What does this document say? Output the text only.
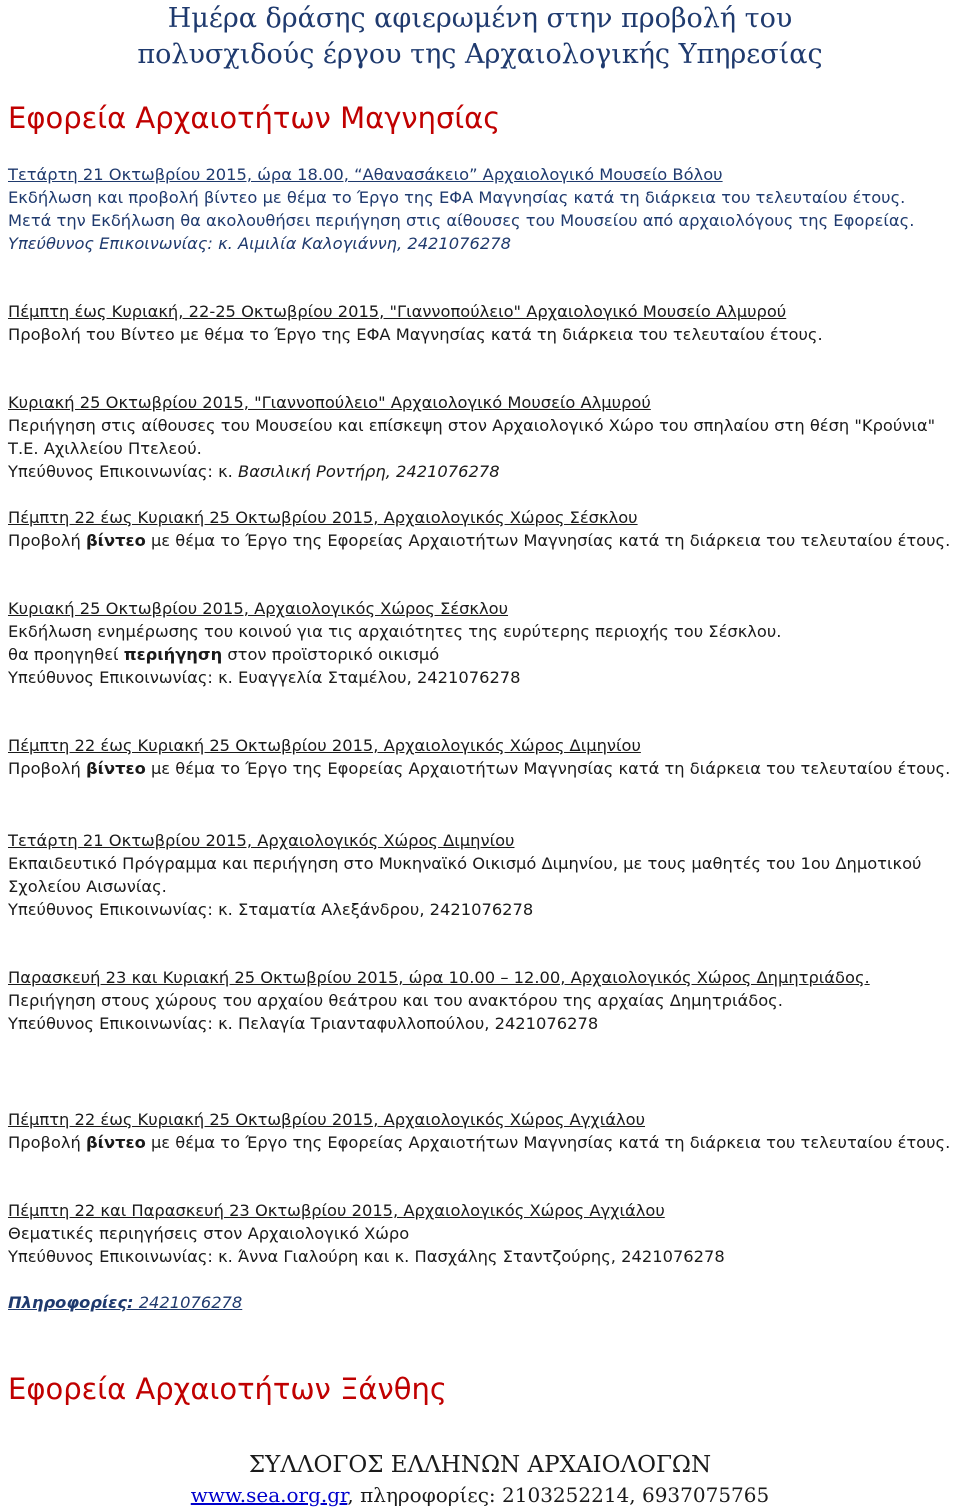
Ημέρα δράσης αφιερωμένη στην προβολή του
πολυσχιδούς έργου της Αρχαιολογικής Υπηρεσίας
Εφορεία Αρχαιοτήτων Μαγνησίας

Τετάρτη 21 Οκτωβρίου 2015, ώρα 18.00, “Αθανασάκειο” Αρχαιολογικό Μουσείο Βόλου

Εκδήλωση και προβολή βίντεο με θέμα το Έργο της ΕΦΑ Μαγνησίας κατά τη διάρκεια του τελευταίου έτους. Μετά την Εκδήλωση θα ακολουθήσει περιήγηση στις αίθουσες του Μουσείου από αρχαιολόγους της Εφορείας.

Υπεύθυνος Επικοινωνίας: κ. Αιμιλία Καλογιάννη, 2421076278

Πέμπτη έως Κυριακή, 22-25 Οκτωβρίου 2015, "Γιαννοπούλειο" Αρχαιολογικό Μουσείο Αλμυρού

Προβολή του Βίντεο με θέμα το Έργο της ΕΦΑ Μαγνησίας κατά τη διάρκεια του τελευταίου έτους.

Κυριακή 25 Οκτωβρίου 2015, "Γιαννοπούλειο" Αρχαιολογικό Μουσείο Αλμυρού

Περιήγηση στις αίθουσες του Μουσείου και επίσκεψη στον Αρχαιολογικό Χώρο του σπηλαίου στη θέση "Κρούνια" Τ.Ε. Αχιλλείου Πτελεού.

Υπεύθυνος Επικοινωνίας: κ. Βασιλική Ροντήρη, 2421076278

Πέμπτη 22 έως Κυριακή 25 Οκτωβρίου 2015, Αρχαιολογικός Χώρος Σέσκλου

Προβολή βίντεο με θέμα το Έργο της Εφορείας Αρχαιοτήτων Μαγνησίας κατά τη διάρκεια του τελευταίου έτους.

Κυριακή 25 Οκτωβρίου 2015, Αρχαιολογικός Χώρος Σέσκλου

Εκδήλωση ενημέρωσης του κοινού για τις αρχαιότητες της ευρύτερης περιοχής του Σέσκλου.

θα προηγηθεί περιήγηση στον προϊστορικό οικισμό

Υπεύθυνος Επικοινωνίας: κ. Ευαγγελία Σταμέλου, 2421076278

Πέμπτη 22 έως Κυριακή 25 Οκτωβρίου 2015, Αρχαιολογικός Χώρος Διμηνίου

Προβολή βίντεο με θέμα το Έργο της Εφορείας Αρχαιοτήτων Μαγνησίας κατά τη διάρκεια του τελευταίου έτους.

Τετάρτη 21 Οκτωβρίου 2015, Αρχαιολογικός Χώρος Διμηνίου

Εκπαιδευτικό Πρόγραμμα και περιήγηση στο Μυκηναϊκό Οικισμό Διμηνίου, με τους μαθητές του 1ου Δημοτικού Σχολείου Αισωνίας.

Υπεύθυνος Επικοινωνίας: κ. Σταματία Αλεξάνδρου, 2421076278

Παρασκευή 23 και Κυριακή 25 Οκτωβρίου 2015, ώρα 10.00 – 12.00, Αρχαιολογικός Χώρος Δημητριάδος.

Περιήγηση στους χώρους του αρχαίου θεάτρου και του ανακτόρου της αρχαίας Δημητριάδος.

Υπεύθυνος Επικοινωνίας: κ. Πελαγία Τριανταφυλλοπούλου, 2421076278

Πέμπτη 22 έως Κυριακή 25 Οκτωβρίου 2015, Αρχαιολογικός Χώρος Αγχιάλου

Προβολή βίντεο με θέμα το Έργο της Εφορείας Αρχαιοτήτων Μαγνησίας κατά τη διάρκεια του τελευταίου έτους.

Πέμπτη 22 και Παρασκευή 23 Οκτωβρίου 2015, Αρχαιολογικός Χώρος Αγχιάλου

Θεματικές περιηγήσεις στον Αρχαιολογικό Χώρο

Υπεύθυνος Επικοινωνίας: κ. Άννα Γιαλούρη και κ. Πασχάλης Σταντζούρης, 2421076278

Πληροφορίες: 2421076278

Εφορεία Αρχαιοτήτων Ξάνθης
ΣΥΛΛΟΓΟΣ ΕΛΛΗΝΩΝ ΑΡΧΑΙΟΛΟΓΩΝ
www.sea.org.gr, πληροφορίες: 2103252214, 6937075765
